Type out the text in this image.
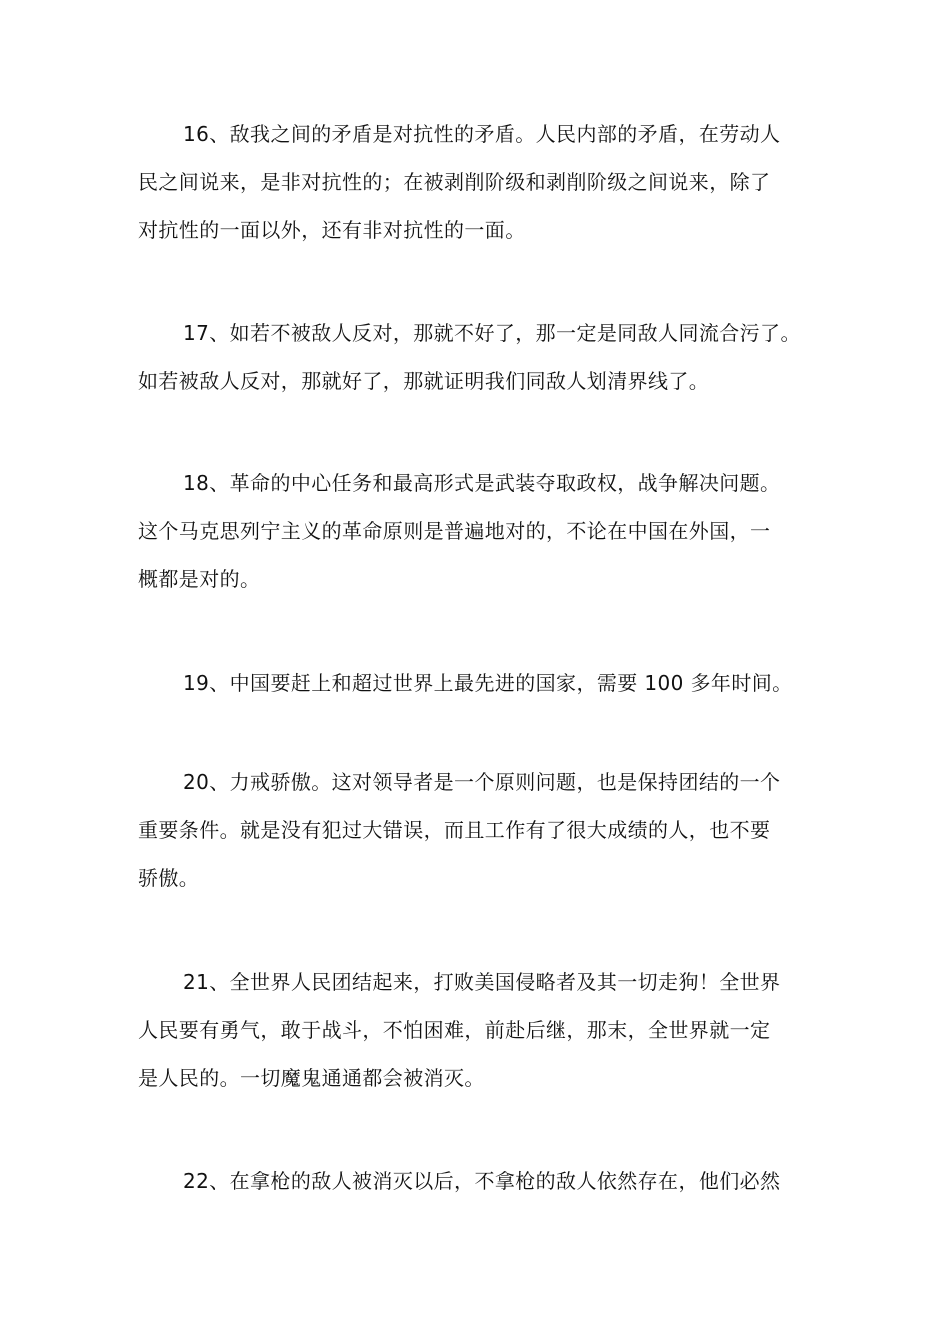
16、敌我之间的矛盾是对抗性的矛盾。人民内部的矛盾，在劳动人
民之间说来，是非对抗性的；在被剥削阶级和剥削阶级之间说来，除了
对抗性的一面以外，还有非对抗性的一面。
17、如若不被敌人反对，那就不好了，那一定是同敌人同流合污了。
如若被敌人反对，那就好了，那就证明我们同敌人划清界线了。
18、革命的中心任务和最高形式是武装夺取政权，战争解决问题。
这个马克思列宁主义的革命原则是普遍地对的，不论在中国在外国，一
概都是对的。
19、中国要赶上和超过世界上最先进的国家，需要 100 多年时间。
20、力戒骄傲。这对领导者是一个原则问题，也是保持团结的一个
重要条件。就是没有犯过大错误，而且工作有了很大成绩的人，也不要
骄傲。
21、全世界人民团结起来，打败美国侵略者及其一切走狗！全世界
人民要有勇气，敢于战斗，不怕困难，前赴后继，那末，全世界就一定
是人民的。一切魔鬼通通都会被消灭。
22、在拿枪的敌人被消灭以后，不拿枪的敌人依然存在，他们必然
